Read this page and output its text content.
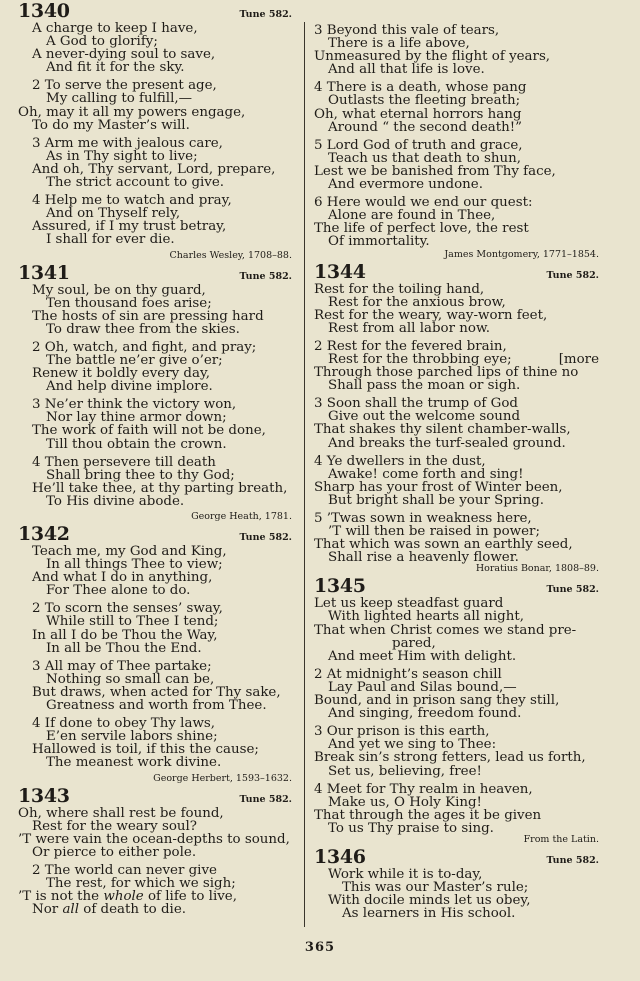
1340	Tune 582.
A charge to keep I have,
A God to glorify;
A never-dying soul to save,
And fit it for the sky.
2 To serve the present age,
My calling to fulfill,—
Oh, may it all my powers engage,
To do my Master’s will.
3 Arm me with jealous care,
As in Thy sight to live;
And oh, Thy servant, Lord, prepare,
The strict account to give.
4 Help me to watch and pray,
And on Thyself rely,
Assured, if I my trust betray,
I shall for ever die.
Charles Wesley, 1708–88.
1341	Tune 582.
My soul, be on thy guard,
Ten thousand foes arise;
The hosts of sin are pressing hard
To draw thee from the skies.
2 Oh, watch, and fight, and pray;
The battle ne’er give o’er;
Renew it boldly every day,
And help divine implore.
3 Ne’er think the victory won,
Nor lay thine armor down;
The work of faith will not be done,
Till thou obtain the crown.
4 Then persevere till death
Shall bring thee to thy God;
He’ll take thee, at thy parting breath,
To His divine abode.
George Heath, 1781.
1342	Tune 582.
Teach me, my God and King,
In all things Thee to view;
And what I do in anything,
For Thee alone to do.
2 To scorn the senses’ sway,
While still to Thee I tend;
In all I do be Thou the Way,
In all be Thou the End.
3 All may of Thee partake;
Nothing so small can be,
But draws, when acted for Thy sake,
Greatness and worth from Thee.
4 If done to obey Thy laws,
E’en servile labors shine;
Hallowed is toil, if this the cause;
The meanest work divine.
George Herbert, 1593–1632.
1343	Tune 582.
Oh, where shall rest be found,
Rest for the weary soul?
’T were vain the ocean-depths to sound,
Or pierce to either pole.
2 The world can never give
The rest, for which we sigh;
’T is not the whole of life to live,
Nor all of death to die.
3 Beyond this vale of tears,
There is a life above,
Unmeasured by the flight of years,
And all that life is love.
4 There is a death, whose pang
Outlasts the fleeting breath;
Oh, what eternal horrors hang
Around “ the second death!”
5 Lord God of truth and grace,
Teach us that death to shun,
Lest we be banished from Thy face,
And evermore undone.
6 Here would we end our quest:
Alone are found in Thee,
The life of perfect love, the rest
Of immortality.
James Montgomery, 1771–1854.
1344	Tune 582.
Rest for the toiling hand,
Rest for the anxious brow,
Rest for the weary, way-worn feet,
Rest from all labor now.
2 Rest for the fevered brain,
Rest for the throbbing eye;	[more
Through those parched lips of thine no
Shall pass the moan or sigh.
3 Soon shall the trump of God
Give out the welcome sound
That shakes thy silent chamber-walls,
And breaks the turf-sealed ground.
4 Ye dwellers in the dust,
Awake! come forth and sing!
Sharp has your frost of Winter been,
But bright shall be your Spring.
5 ’Twas sown in weakness here,
’T will then be raised in power;
That which was sown an earthly seed,
Shall rise a heavenly flower.
Horatius Bonar, 1808–89.
1345	Tune 582.
Let us keep steadfast guard
With lighted hearts all night,
That when Christ comes we stand pre-
pared,
And meet Him with delight.
2 At midnight’s season chill
Lay Paul and Silas bound,—
Bound, and in prison sang they still,
And singing, freedom found.
3 Our prison is this earth,
And yet we sing to Thee:
Break sin’s strong fetters, lead us forth,
Set us, believing, free!
4 Meet for Thy realm in heaven,
Make us, O Holy King!
That through the ages it be given
To us Thy praise to sing.
From the Latin.
1346	Tune 582.
Work while it is to-day,
This was our Master’s rule;
With docile minds let us obey,
As learners in His school.
365
